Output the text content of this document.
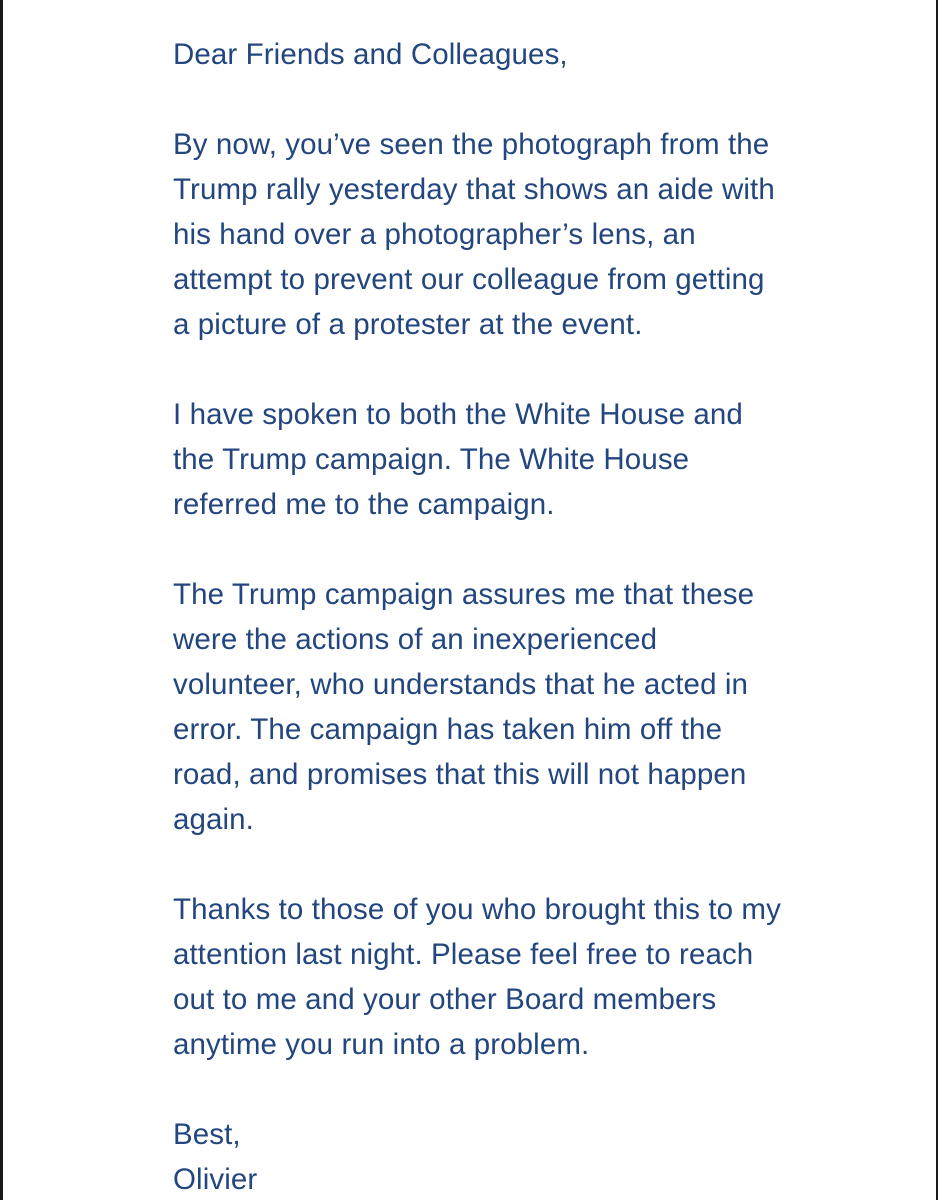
Dear Friends and Colleagues,
By now, you’ve seen the photograph from the
Trump rally yesterday that shows an aide with
his hand over a photographer’s lens, an
attempt to prevent our colleague from getting
a picture of a protester at the event.
I have spoken to both the White House and
the Trump campaign. The White House
referred me to the campaign.
The Trump campaign assures me that these
were the actions of an inexperienced
volunteer, who understands that he acted in
error. The campaign has taken him off the
road, and promises that this will not happen
again.
Thanks to those of you who brought this to my
attention last night. Please feel free to reach
out to me and your other Board members
anytime you run into a problem.
Best,
Olivier
